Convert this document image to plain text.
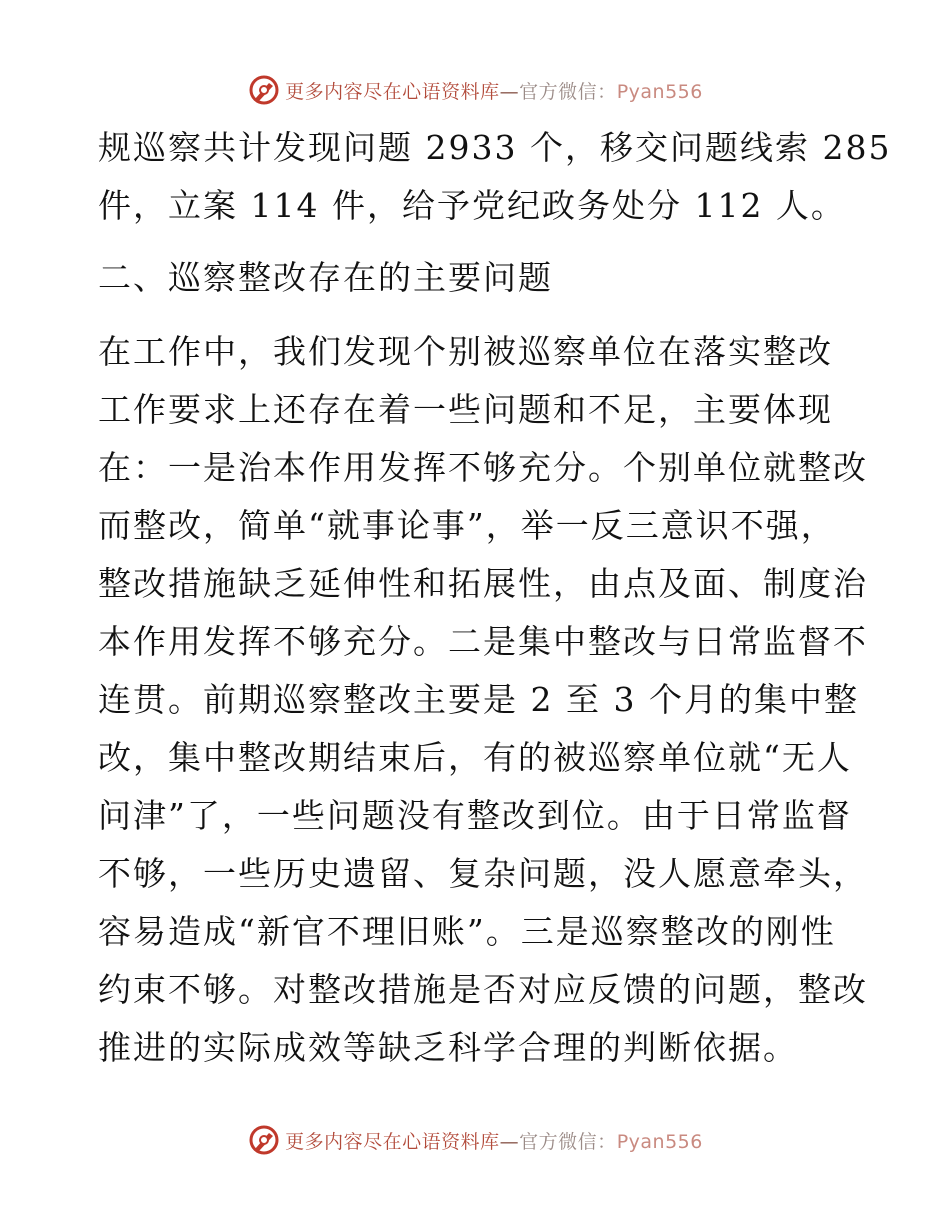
更多内容尽在心语资料库—官方微信：Pyan556
规巡察共计发现问题 2933 个，移交问题线索 285
件，立案 114 件，给予党纪政务处分 112 人。
二、巡察整改存在的主要问题
在工作中，我们发现个别被巡察单位在落实整改
工作要求上还存在着一些问题和不足，主要体现
在：一是治本作用发挥不够充分。个别单位就整改
而整改，简单“就事论事”，举一反三意识不强，
整改措施缺乏延伸性和拓展性，由点及面、制度治
本作用发挥不够充分。二是集中整改与日常监督不
连贯。前期巡察整改主要是 2 至 3 个月的集中整
改，集中整改期结束后，有的被巡察单位就“无人
问津”了，一些问题没有整改到位。由于日常监督
不够，一些历史遗留、复杂问题，没人愿意牵头，
容易造成“新官不理旧账”。三是巡察整改的刚性
约束不够。对整改措施是否对应反馈的问题，整改
推进的实际成效等缺乏科学合理的判断依据。
更多内容尽在心语资料库—官方微信：Pyan556
